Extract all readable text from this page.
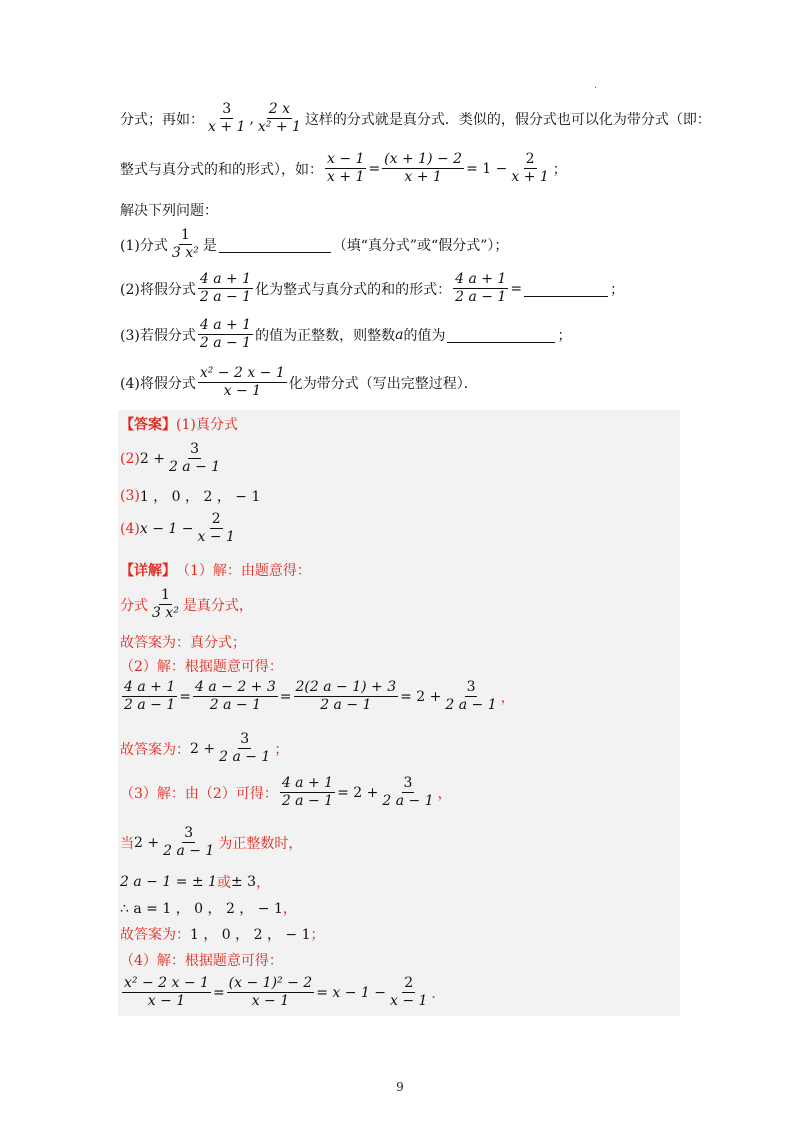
.
分式；再如： $\frac{3}{x + 1}$ , $\frac{2 x}{\text{x² + 1}}$ 这样的分式就是真分式．类似的，假分式也可以化为带分式（即：
整式与真分式的和的形式），如： $\frac{x - 1}{x + 1} = \frac{(x + 1) - 2}{x + 1} = 1 - \frac{2}{x + 1}$ ；
解决下列问题：
(1)分式 $\frac{1}{\text{3 x²}}$ 是	（填“真分式”或“假分式”）；
(2)将假分式 $\frac{4 a + 1}{2 a - 1}$ 化为整式与真分式的和的形式： $\frac{4 a + 1}{2 a - 1}$ =	；
(3)若假分式 $\frac{4 a + 1}{2 a - 1}$ 的值为正整数，则整数 a 的值为	；
(4)将假分式 $\frac{\text{x² − 2 x − 1}}{x - 1}$ 化为带分式（写出完整过程）．
【答案】 (1)真分式
(2) $2 + \frac{3}{2 a - 1}$
(3) 1 ， 0 ， 2 ， − 1
(4) $x - 1 - \frac{2}{x - 1}$
【详解】 （1）解：由题意得：
分式 $\frac{1}{\text{3 x²}}$ 是真分式，
故答案为：真分式；
（2）解：根据题意可得：
$\frac{4 a + 1}{2 a - 1} = \frac{4 a - 2 + 3}{2 a - 1} = \frac{2(2 a - 1) + 3}{2 a - 1} = 2 + \frac{3}{2 a - 1}$ ，
故答案为： $2 + \frac{3}{2 a - 1}$ ；
（3）解：由（2）可得： $\frac{4 a + 1}{2 a - 1} = 2 + \frac{3}{2 a - 1}$ ，
当 $2 + \frac{3}{2 a - 1}$ 为正整数时，
2 a − 1 = ± 1 或 ± 3 ，
∴ a = 1 ， 0 ， 2 ， − 1 ，
故答案为： 1 ， 0 ， 2 ， − 1 ；
（4）解：根据题意可得：
$\frac{\text{x² − 2 x − 1}}{x - 1} = \frac{\text{(x − 1)² − 2}}{x - 1} = x - 1 - \frac{2}{x - 1}$ ．
9
